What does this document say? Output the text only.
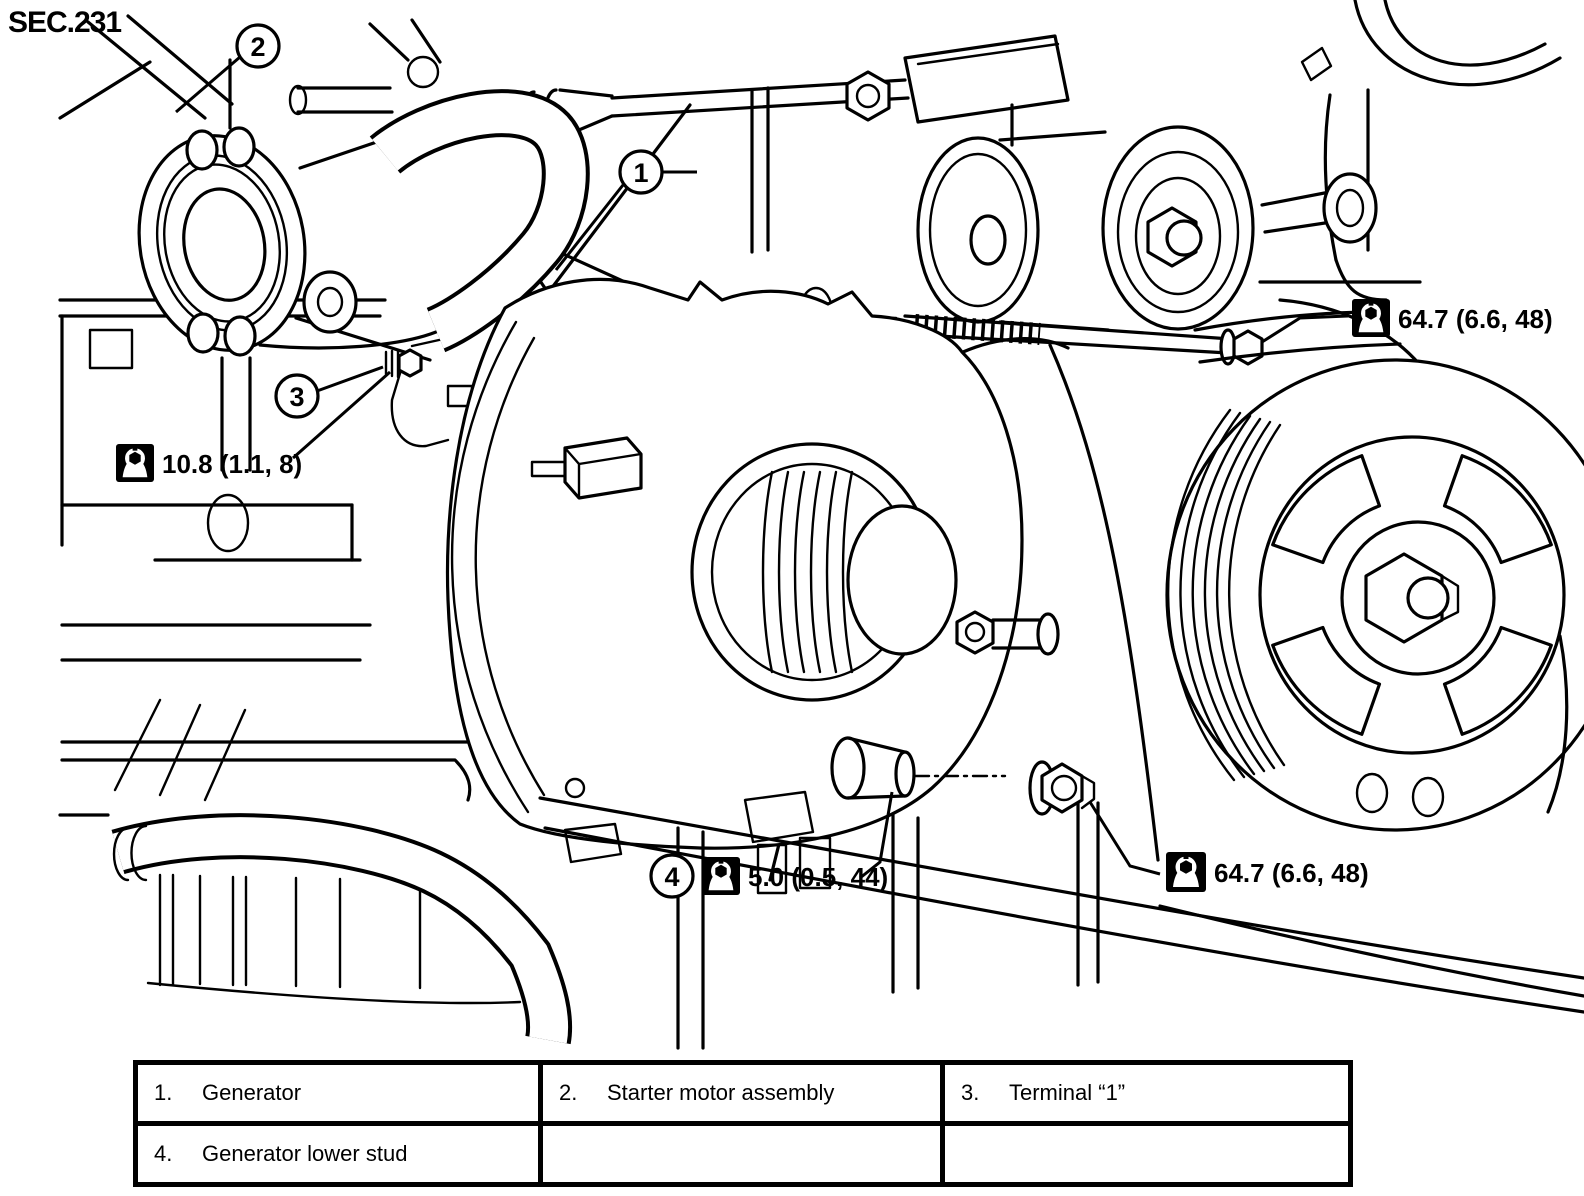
SEC.231
1
2
3
4
64.7 (6.6, 48)
10.8 (1.1, 8)
5.0 (0.5, 44)	64.7 (6.6, 48)
1. Generator	2. Starter motor assembly	3. Terminal “1”
4. Generator lower stud		
